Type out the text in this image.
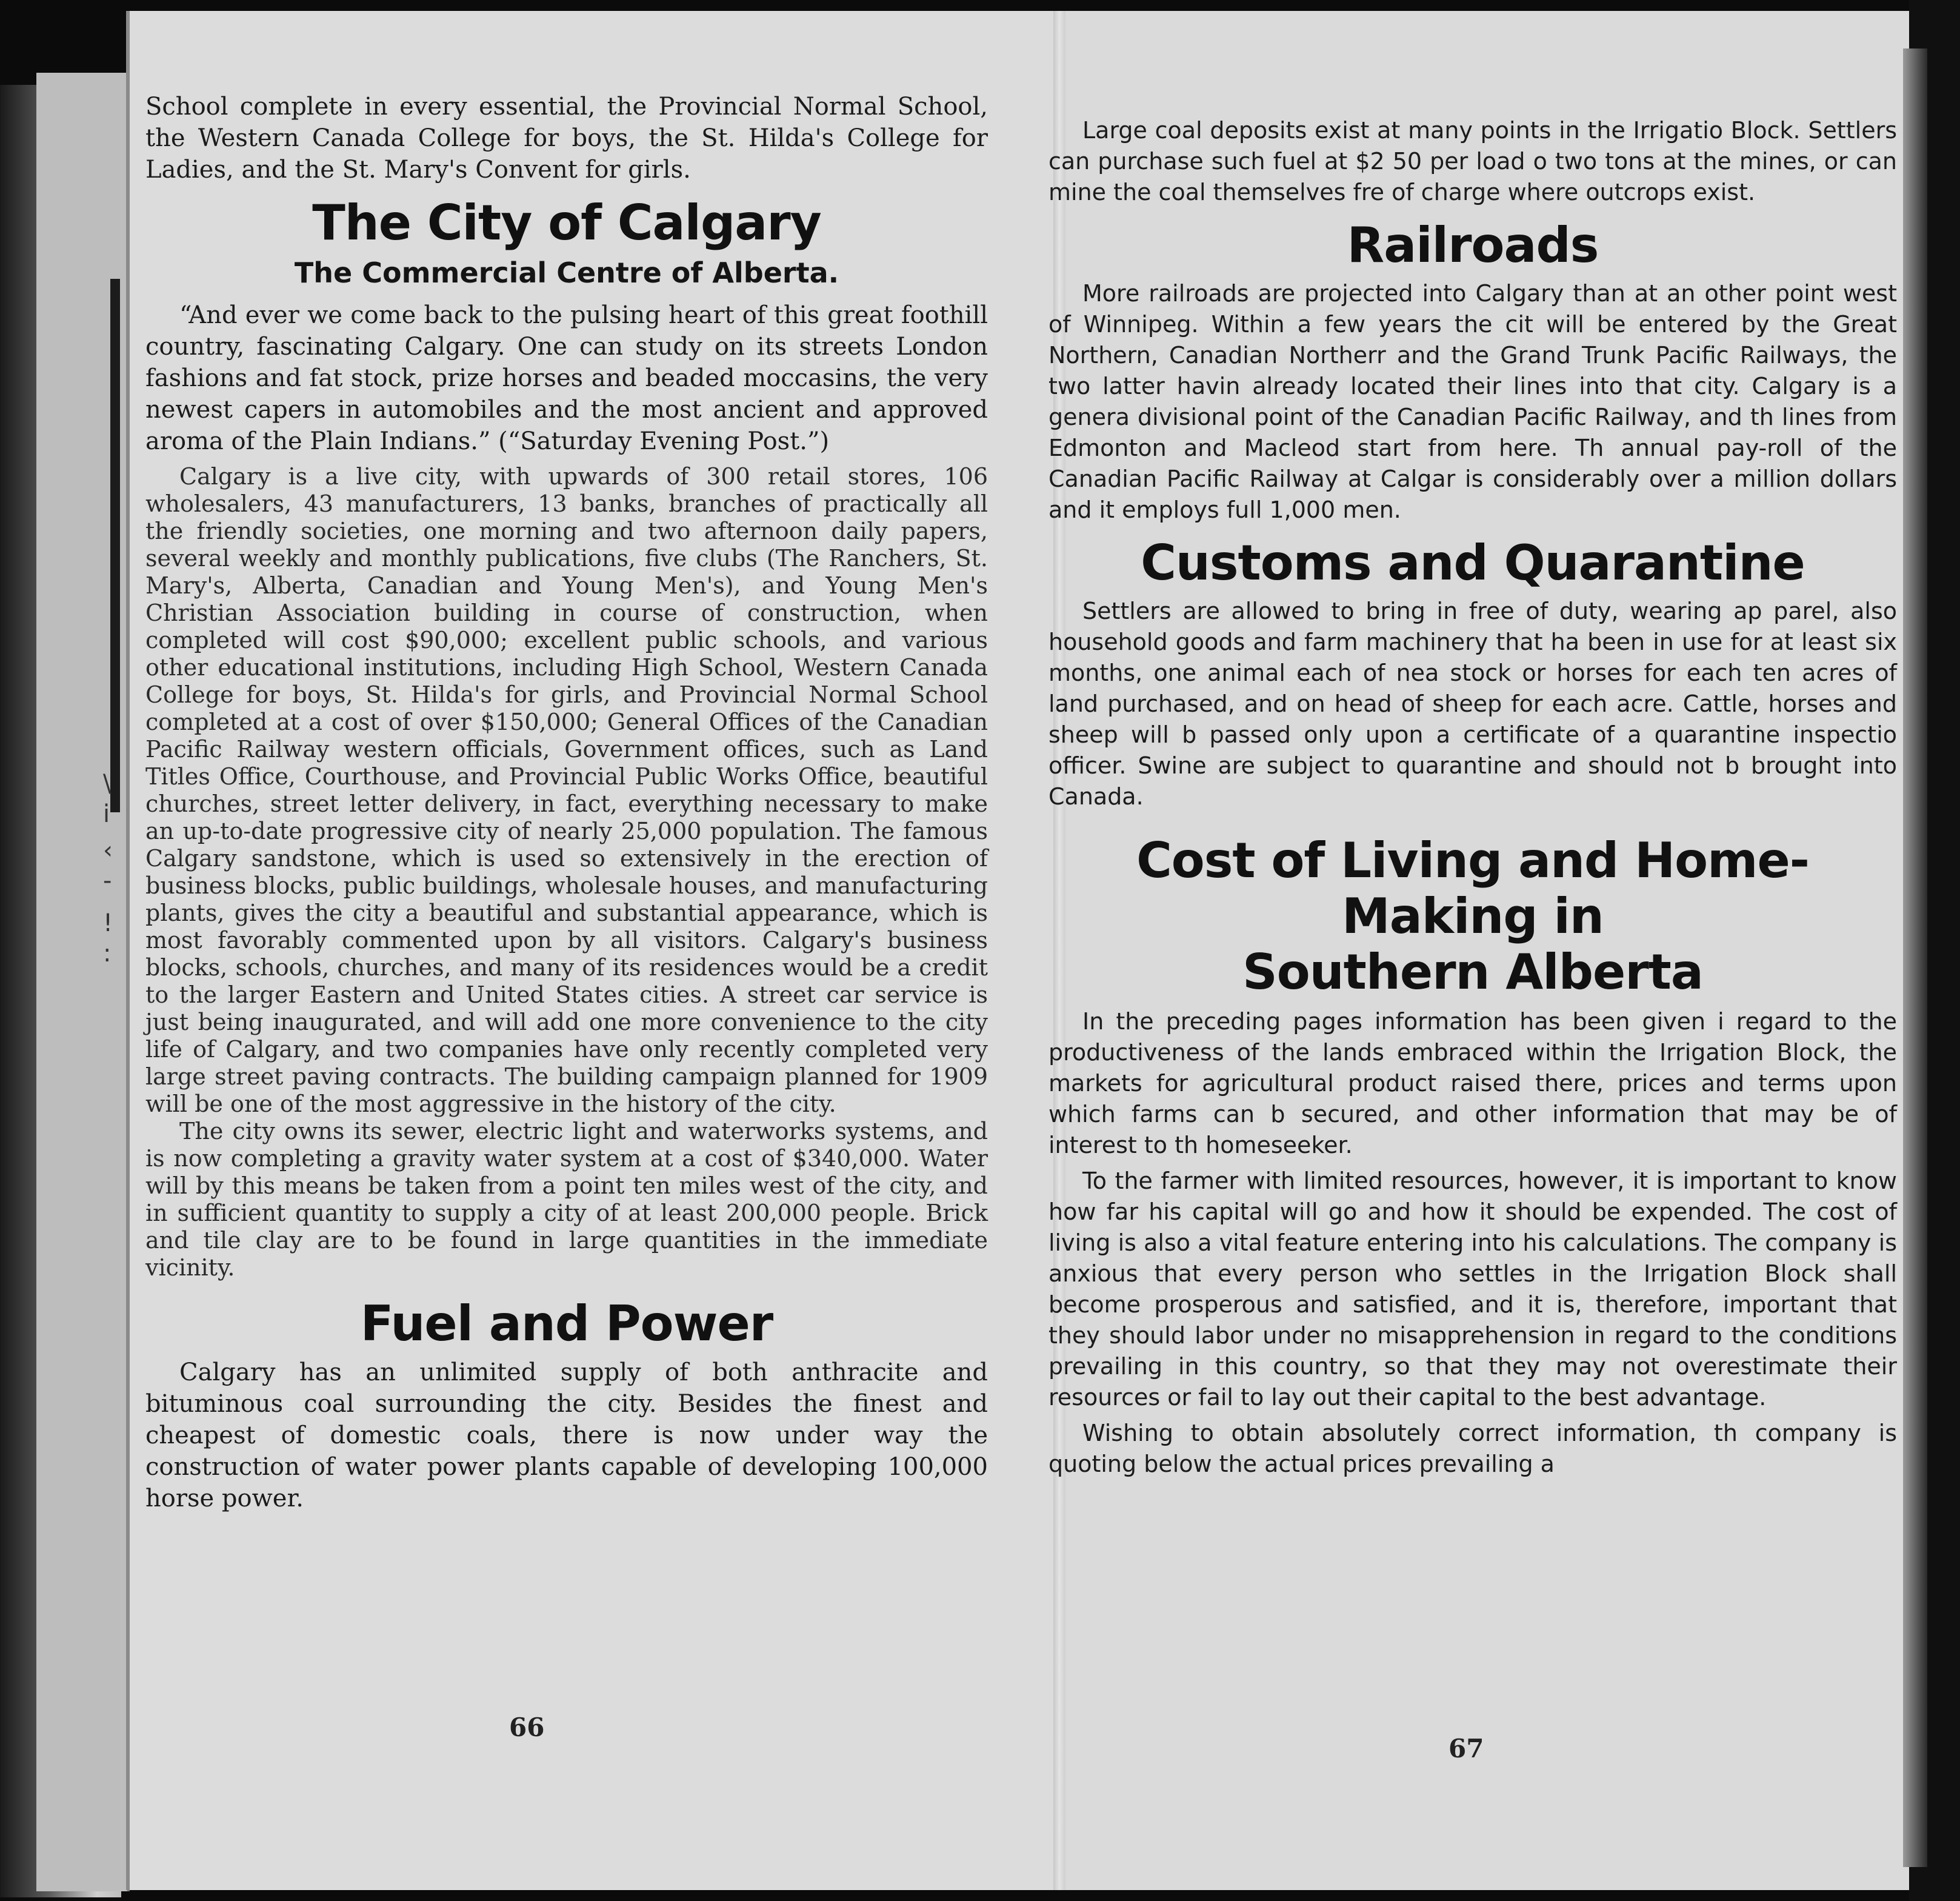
\
i
‹
-
!
:

School complete in every essential, the Provincial Normal School, the Western Canada College for boys, the St. Hilda's College for Ladies, and the St. Mary's Convent for girls.

The City of Calgary
The Commercial Centre of Alberta.

“And ever we come back to the pulsing heart of this great foothill country, fascinating Calgary. One can study on its streets London fashions and fat stock, prize horses and beaded moccasins, the very newest capers in automobiles and the most ancient and approved aroma of the Plain Indians.” (“Saturday Evening Post.”)

Calgary is a live city, with upwards of 300 retail stores, 106 wholesalers, 43 manufacturers, 13 banks, branches of practically all the friendly societies, one morning and two afternoon daily papers, several weekly and monthly publications, five clubs (The Ranchers, St. Mary's, Alberta, Canadian and Young Men's), and Young Men's Christian Association building in course of construction, when completed will cost $90,000; excellent public schools, and various other educational institutions, including High School, Western Canada College for boys, St. Hilda's for girls, and Provincial Normal School completed at a cost of over $150,000; General Offices of the Canadian Pacific Railway western officials, Government offices, such as Land Titles Office, Courthouse, and Provincial Public Works Office, beautiful churches, street letter delivery, in fact, everything necessary to make an up-to-date progressive city of nearly 25,000 population. The famous Calgary sandstone, which is used so extensively in the erection of business blocks, public buildings, wholesale houses, and manufacturing plants, gives the city a beautiful and substantial appearance, which is most favorably commented upon by all visitors. Calgary's business blocks, schools, churches, and many of its residences would be a credit to the larger Eastern and United States cities. A street car service is just being inaugurated, and will add one more convenience to the city life of Calgary, and two companies have only recently completed very large street paving contracts. The building campaign planned for 1909 will be one of the most aggressive in the history of the city.

The city owns its sewer, electric light and waterworks systems, and is now completing a gravity water system at a cost of $340,000. Water will by this means be taken from a point ten miles west of the city, and in sufficient quantity to supply a city of at least 200,000 people. Brick and tile clay are to be found in large quantities in the immediate vicinity.

Fuel and Power

Calgary has an unlimited supply of both anthracite and bituminous coal surrounding the city. Besides the finest and cheapest of domestic coals, there is now under way the construction of water power plants capable of developing 100,000 horse power.

66

Large coal deposits exist at many points in the Irrigatio Block. Settlers can purchase such fuel at $2 50 per load o two tons at the mines, or can mine the coal themselves fre of charge where outcrops exist.

Railroads

More railroads are projected into Calgary than at an other point west of Winnipeg. Within a few years the cit will be entered by the Great Northern, Canadian Northerr and the Grand Trunk Pacific Railways, the two latter havin already located their lines into that city. Calgary is a genera divisional point of the Canadian Pacific Railway, and th lines from Edmonton and Macleod start from here. Th annual pay-roll of the Canadian Pacific Railway at Calgar is considerably over a million dollars and it employs full 1,000 men.

Customs and Quarantine

Settlers are allowed to bring in free of duty, wearing ap parel, also household goods and farm machinery that ha been in use for at least six months, one animal each of nea stock or horses for each ten acres of land purchased, and on head of sheep for each acre. Cattle, horses and sheep will b passed only upon a certificate of a quarantine inspectio officer. Swine are subject to quarantine and should not b brought into Canada.

Cost of Living and Home-Making in
Southern Alberta

In the preceding pages information has been given i regard to the productiveness of the lands embraced within the Irrigation Block, the markets for agricultural product raised there, prices and terms upon which farms can b secured, and other information that may be of interest to th homeseeker.

To the farmer with limited resources, however, it is important to know how far his capital will go and how it should be expended. The cost of living is also a vital feature entering into his calculations. The company is anxious that every person who settles in the Irrigation Block shall become prosperous and satisfied, and it is, therefore, important that they should labor under no misapprehension in regard to the conditions prevailing in this country, so that they may not overestimate their resources or fail to lay out their capital to the best advantage.

Wishing to obtain absolutely correct information, th company is quoting below the actual prices prevailing a

67
